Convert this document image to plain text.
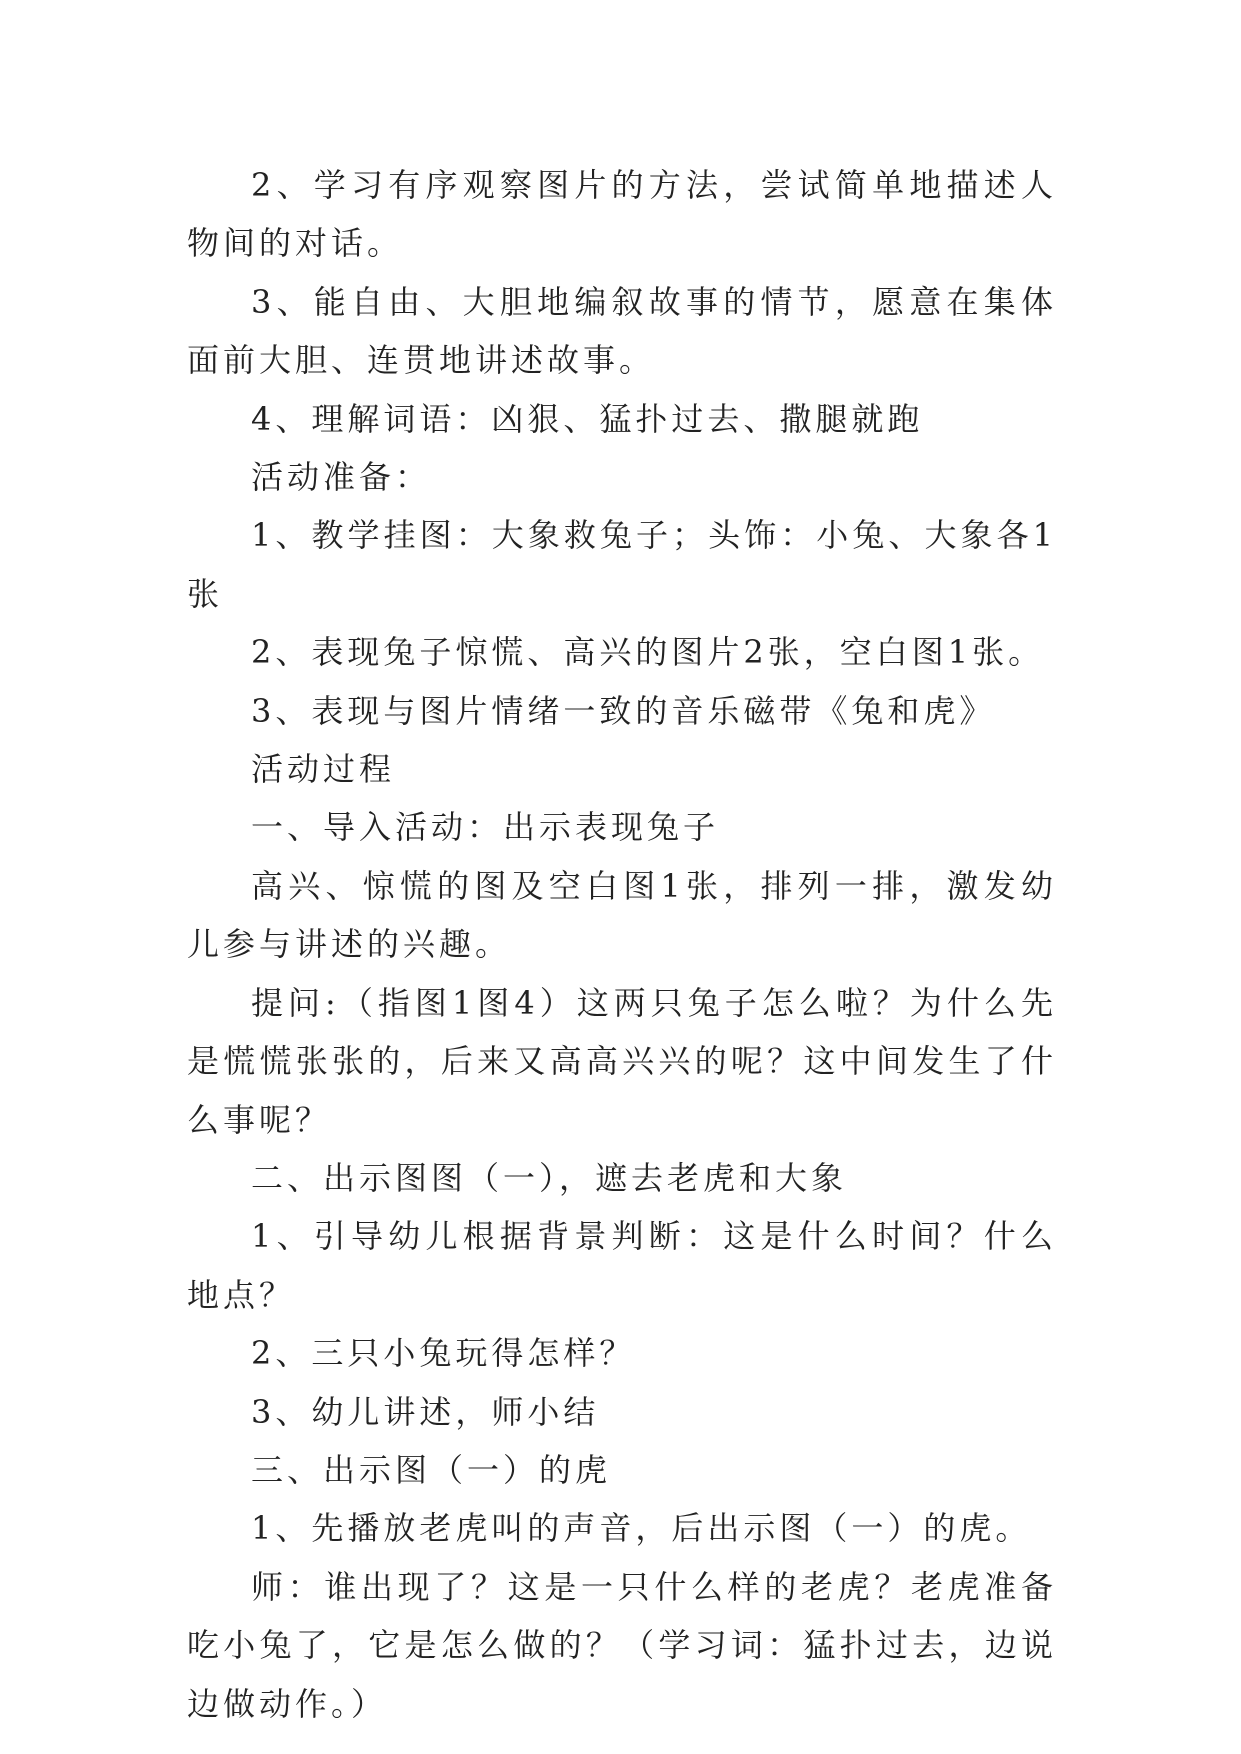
2、学习有序观察图片的方法，尝试简单地描述人物间的对话。

3、能自由、大胆地编叙故事的情节，愿意在集体面前大胆、连贯地讲述故事。

4、理解词语：凶狠、猛扑过去、撒腿就跑

活动准备：

1、教学挂图：大象救兔子；头饰：小兔、大象各1张

2、表现兔子惊慌、高兴的图片2张，空白图1张。

3、表现与图片情绪一致的音乐磁带《兔和虎》

活动过程

一、导入活动：出示表现兔子

高兴、惊慌的图及空白图1张，排列一排，激发幼儿参与讲述的兴趣。

提问:（指图1图4）这两只兔子怎么啦？为什么先是慌慌张张的，后来又高高兴兴的呢？这中间发生了什么事呢？

二、出示图图（一），遮去老虎和大象

1、引导幼儿根据背景判断：这是什么时间？什么地点？

2、三只小兔玩得怎样？

3、幼儿讲述，师小结

三、出示图（一）的虎

1、先播放老虎叫的声音，后出示图（一）的虎。

师：谁出现了？这是一只什么样的老虎？老虎准备吃小兔了，它是怎么做的？（学习词：猛扑过去，边说边做动作。）
